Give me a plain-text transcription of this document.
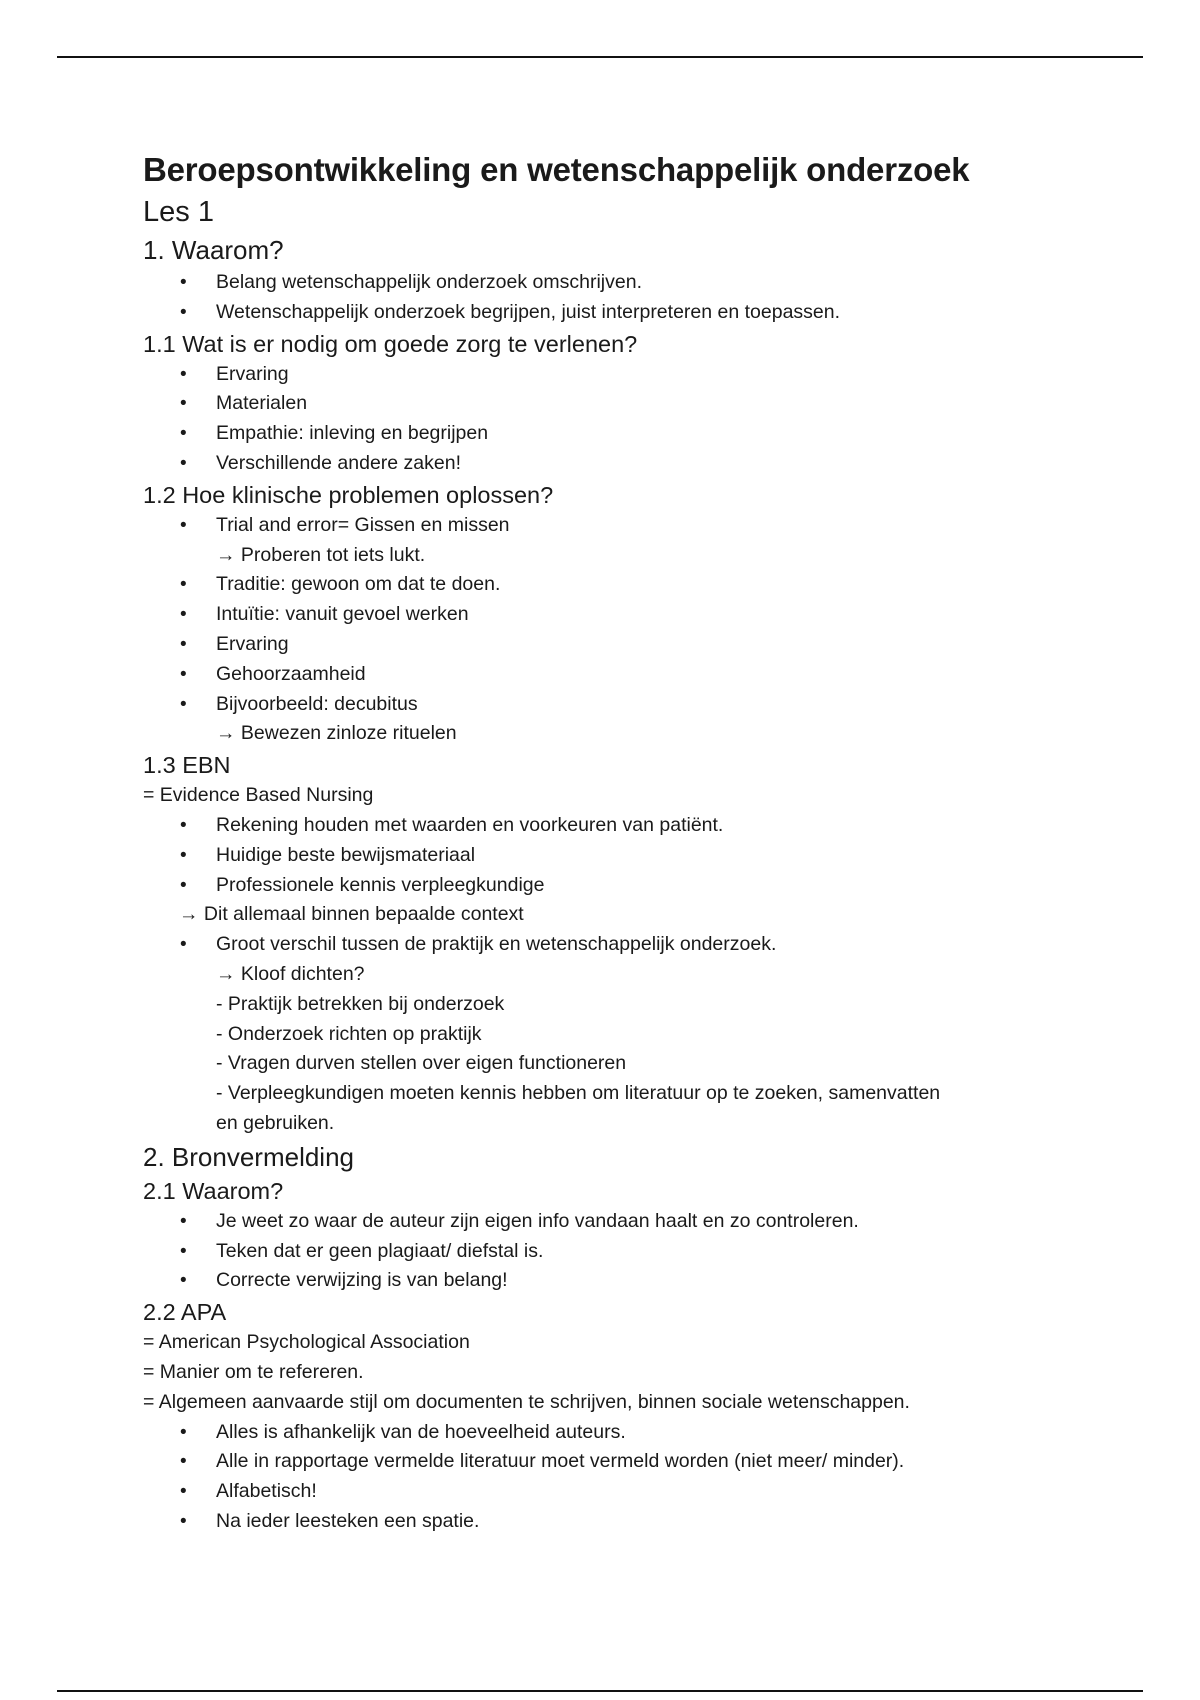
Beroepsontwikkeling en wetenschappelijk onderzoek
Les 1
1. Waarom?
• Belang wetenschappelijk onderzoek omschrijven.
• Wetenschappelijk onderzoek begrijpen, juist interpreteren en toepassen.
1.1 Wat is er nodig om goede zorg te verlenen?
• Ervaring
• Materialen
• Empathie: inleving en begrijpen
• Verschillende andere zaken!
1.2 Hoe klinische problemen oplossen?
• Trial and error= Gissen en missen
→ Proberen tot iets lukt.
• Traditie: gewoon om dat te doen.
• Intuïtie: vanuit gevoel werken
• Ervaring
• Gehoorzaamheid
• Bijvoorbeeld: decubitus
→ Bewezen zinloze rituelen
1.3 EBN
= Evidence Based Nursing
• Rekening houden met waarden en voorkeuren van patiënt.
• Huidige beste bewijsmateriaal
• Professionele kennis verpleegkundige
→ Dit allemaal binnen bepaalde context
• Groot verschil tussen de praktijk en wetenschappelijk onderzoek.
→ Kloof dichten?
- Praktijk betrekken bij onderzoek
- Onderzoek richten op praktijk
- Vragen durven stellen over eigen functioneren
- Verpleegkundigen moeten kennis hebben om literatuur op te zoeken, samenvatten
en gebruiken.
2. Bronvermelding
2.1 Waarom?
• Je weet zo waar de auteur zijn eigen info vandaan haalt en zo controleren.
• Teken dat er geen plagiaat/ diefstal is.
• Correcte verwijzing is van belang!
2.2 APA
= American Psychological Association
= Manier om te refereren.
= Algemeen aanvaarde stijl om documenten te schrijven, binnen sociale wetenschappen.
• Alles is afhankelijk van de hoeveelheid auteurs.
• Alle in rapportage vermelde literatuur moet vermeld worden (niet meer/ minder).
• Alfabetisch!
• Na ieder leesteken een spatie.
